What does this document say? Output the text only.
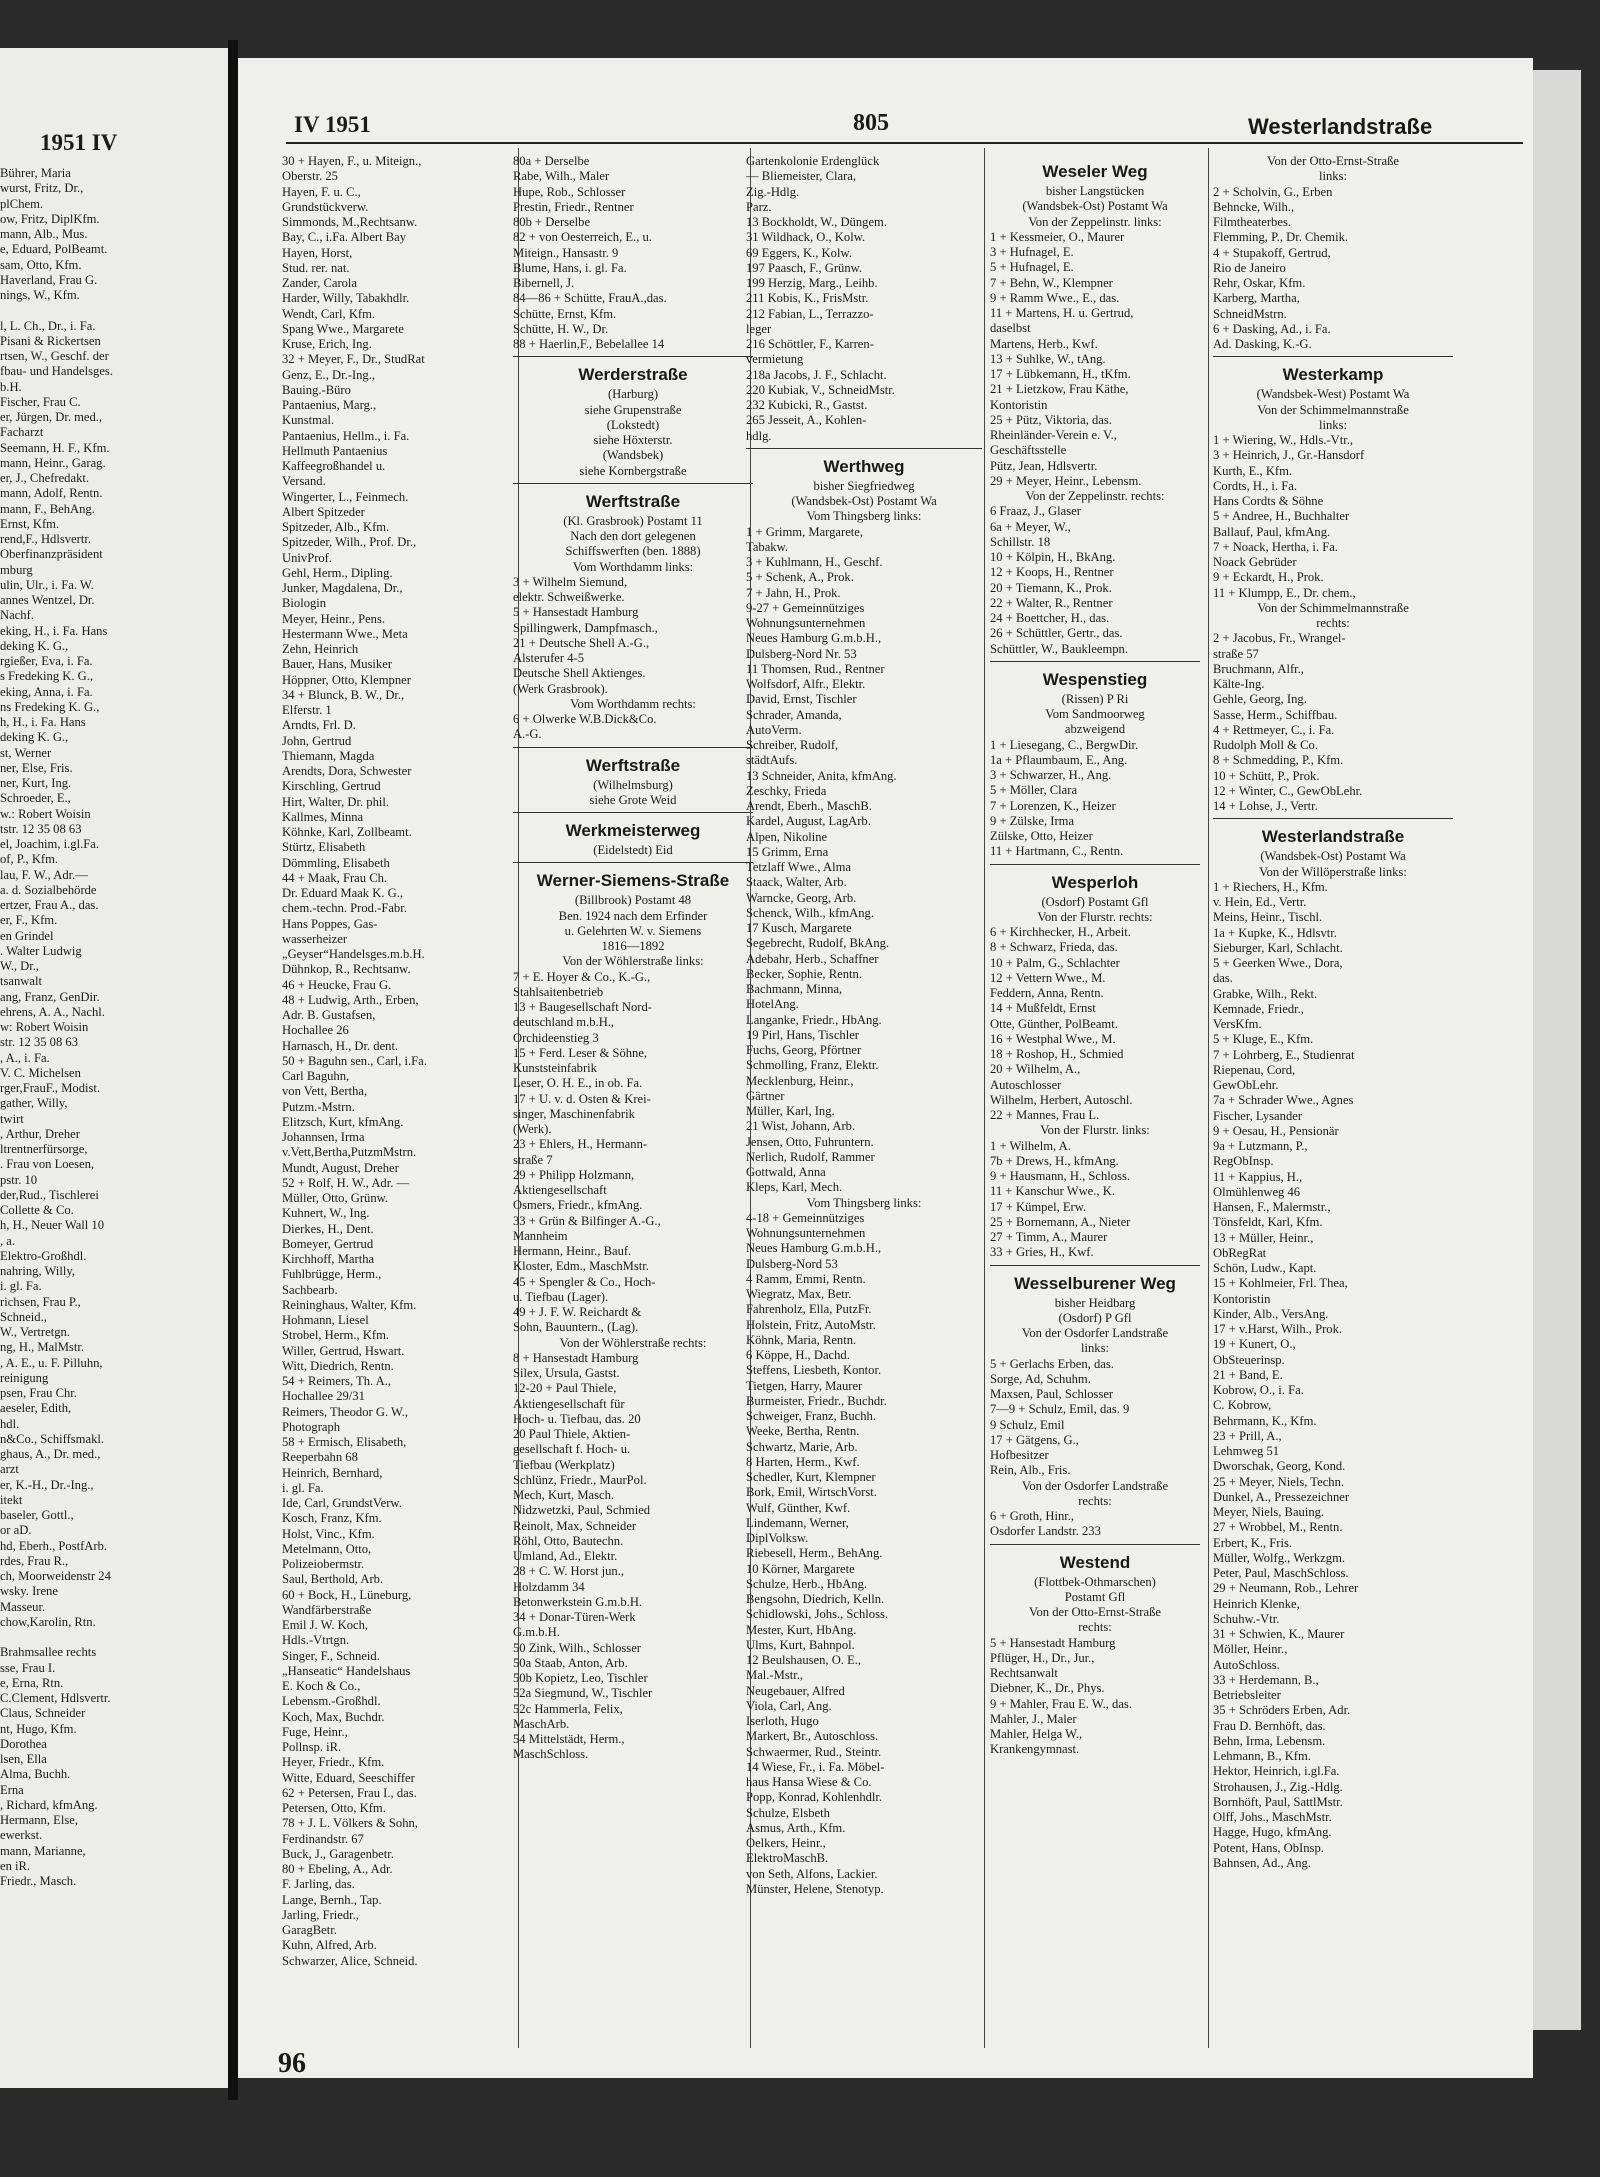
1951 IV
Bührer, Maria
wurst, Fritz, Dr.,
plChem.
ow, Fritz, DiplKfm.
mann, Alb., Mus.
e, Eduard, PolBeamt.
sam, Otto, Kfm.
Haverland, Frau G.
nings, W., Kfm.

l, L. Ch., Dr., i. Fa.
Pisani & Rickertsen
rtsen, W., Geschf. der
fbau- und Handelsges.
b.H.
Fischer, Frau C.
er, Jürgen, Dr. med.,
Facharzt
Seemann, H. F., Kfm.
mann, Heinr., Garag.
er, J., Chefredakt.
mann, Adolf, Rentn.
mann, F., BehAng.
Ernst, Kfm.
rend,F., Hdlsvertr.
Oberfinanzpräsident
mburg
ulin, Ulr., i. Fa. W.
annes Wentzel, Dr.
Nachf.
eking, H., i. Fa. Hans
deking K. G.,
rgießer, Eva, i. Fa.
s Fredeking K. G.,
eking, Anna, i. Fa.
ns Fredeking K. G.,
h, H., i. Fa. Hans
deking K. G.,
st, Werner
ner, Else, Fris.
ner, Kurt, Ing.
Schroeder, E.,
w.: Robert Woisin
tstr. 12 35 08 63
el, Joachim, i.gl.Fa.
of, P., Kfm.
lau, F. W., Adr.—
a. d. Sozialbehörde
ertzer, Frau A., das.
er, F., Kfm.
en Grindel
. Walter Ludwig
W., Dr.,
tsanwalt
ang, Franz, GenDir.
ehrens, A. A., Nachl.
w: Robert Woisin
str. 12 35 08 63
, A., i. Fa.
V. C. Michelsen
rger,FrauF., Modist.
gather, Willy,
twirt
, Arthur, Dreher
ltrentnerfürsorge,
. Frau von Loesen,
pstr. 10
der,Rud., Tischlerei
Collette & Co.
h, H., Neuer Wall 10
, a.
Elektro-Großhdl.
nahring, Willy,
i. gl. Fa.
richsen, Frau P.,
Schneid.,
W., Vertretgn.
ng, H., MalMstr.
, A. E., u. F. Pilluhn,
reinigung
psen, Frau Chr.
aeseler, Edith,
hdl.
n&Co., Schiffsmakl.
ghaus, A., Dr. med.,
arzt
er, K.-H., Dr.-Ing.,
itekt
baseler, Gottl.,
or aD.
hd, Eberh., PostfArb.
rdes, Frau R.,
ch, Moorweidenstr 24
wsky. Irene
Masseur.
chow,Karolin, Rtn.

Brahmsallee rechts
sse, Frau I.
e, Erna, Rtn.
C.Clement, Hdlsvertr.
Claus, Schneider
nt, Hugo, Kfm.
Dorothea
lsen, Ella
Alma, Buchh.
Erna
, Richard, kfmAng.
Hermann, Else,
ewerkst.
mann, Marianne,
en iR.
Friedr., Masch.
IV 1951	805	Westerlandstraße
30 + Hayen, F., u. Miteign.,
Oberstr. 25
Hayen, F. u. C.,
Grundstückverw.
Simmonds, M.,Rechtsanw.
Bay, C., i.Fa. Albert Bay
Hayen, Horst,
Stud. rer. nat.
Zander, Carola
Harder, Willy, Tabakhdlr.
Wendt, Carl, Kfm.
Spang Wwe., Margarete
Kruse, Erich, Ing.
32 + Meyer, F., Dr., StudRat
Genz, E., Dr.-Ing.,
Bauing.-Büro
Pantaenius, Marg.,
Kunstmal.
Pantaenius, Hellm., i. Fa.
Hellmuth Pantaenius
Kaffeegroßhandel u.
Versand.
Wingerter, L., Feinmech.
Albert Spitzeder
Spitzeder, Alb., Kfm.
Spitzeder, Wilh., Prof. Dr.,
UnivProf.
Gehl, Herm., Dipling.
Junker, Magdalena, Dr.,
Biologin
Meyer, Heinr., Pens.
Hestermann Wwe., Meta
Zehn, Heinrich
Bauer, Hans, Musiker
Höppner, Otto, Klempner
34 + Blunck, B. W., Dr.,
Elferstr. 1
Arndts, Frl. D.
John, Gertrud
Thiemann, Magda
Arendts, Dora, Schwester
Kirschling, Gertrud
Hirt, Walter, Dr. phil.
Kallmes, Minna
Köhnke, Karl, Zollbeamt.
Stürtz, Elisabeth
Dömmling, Elisabeth
44 + Maak, Frau Ch.
Dr. Eduard Maak K. G.,
chem.-techn. Prod.-Fabr.
Hans Poppes, Gas-
wasserheizer
„Geyser“Handelsges.m.b.H.
Dühnkop, R., Rechtsanw.
46 + Heucke, Frau G.
48 + Ludwig, Arth., Erben,
Adr. B. Gustafsen,
Hochallee 26
Harnasch, H., Dr. dent.
50 + Baguhn sen., Carl, i.Fa.
Carl Baguhn,
von Vett, Bertha,
Putzm.-Mstrn.
Elitzsch, Kurt, kfmAng.
Johannsen, Irma
v.Vett,Bertha,PutzmMstrn.
Mundt, August, Dreher
52 + Rolf, H. W., Adr. —
Müller, Otto, Grünw.
Kuhnert, W., Ing.
Dierkes, H., Dent.
Bomeyer, Gertrud
Kirchhoff, Martha
Fuhlbrügge, Herm.,
Sachbearb.
Reininghaus, Walter, Kfm.
Hohmann, Liesel
Strobel, Herm., Kfm.
Willer, Gertrud, Hswart.
Witt, Diedrich, Rentn.
54 + Reimers, Th. A.,
Hochallee 29/31
Reimers, Theodor G. W.,
Photograph
58 + Ermisch, Elisabeth,
Reeperbahn 68
Heinrich, Bernhard,
i. gl. Fa.
Ide, Carl, GrundstVerw.
Kosch, Franz, Kfm.
Holst, Vinc., Kfm.
Metelmann, Otto,
Polizeiobermstr.
Saul, Berthold, Arb.
60 + Bock, H., Lüneburg,
Wandfärberstraße
Emil J. W. Koch,
Hdls.-Vtrtgn.
Singer, F., Schneid.
„Hanseatic“ Handelshaus
E. Koch & Co.,
Lebensm.-Großhdl.
Koch, Max, Buchdr.
Fuge, Heinr.,
Pollnsp. iR.
Heyer, Friedr., Kfm.
Witte, Eduard, Seeschiffer
62 + Petersen, Frau I., das.
Petersen, Otto, Kfm.
78 + J. L. Völkers & Sohn,
Ferdinandstr. 67
Buck, J., Garagenbetr.
80 + Ebeling, A., Adr.
F. Jarling, das.
Lange, Bernh., Tap.
Jarling, Friedr.,
GaragBetr.
Kuhn, Alfred, Arb.
Schwarzer, Alice, Schneid.
80a + Derselbe
Rabe, Wilh., Maler
Hupe, Rob., Schlosser
Prestin, Friedr., Rentner
80b + Derselbe
82 + von Oesterreich, E., u.
Miteign., Hansastr. 9
Blume, Hans, i. gl. Fa.
Bibernell, J.
84—86 + Schütte, FrauA.,das.
Schütte, Ernst, Kfm.
Schütte, H. W., Dr.
88 + Haerlin,F., Bebelallee 14
Werderstraße
(Harburg)
siehe Grupenstraße
(Lokstedt)
siehe Höxterstr.
(Wandsbek)
siehe Kornbergstraße
Werftstraße
(Kl. Grasbrook) Postamt 11
Nach den dort gelegenen
Schiffswerften (ben. 1888)
Vom Worthdamm links:
3 + Wilhelm Siemund,
elektr. Schweißwerke.
5 + Hansestadt Hamburg
Spillingwerk, Dampfmasch.,
21 + Deutsche Shell A.-G.,
Alsterufer 4-5
Deutsche Shell Aktienges.
(Werk Grasbrook).
Vom Worthdamm rechts:
6 + Olwerke W.B.Dick&Co.
A.-G.
Werftstraße
(Wilhelmsburg)
siehe Grote Weid
Werkmeisterweg
(Eidelstedt) Eid
Werner-Siemens-Straße
(Billbrook) Postamt 48
Ben. 1924 nach dem Erfinder
u. Gelehrten W. v. Siemens
1816—1892
Von der Wöhlerstraße links:
7 + E. Hoyer & Co., K.-G.,
Stahlsaitenbetrieb
13 + Baugesellschaft Nord-
deutschland m.b.H.,
Orchideenstieg 3
15 + Ferd. Leser & Söhne,
Kunststeinfabrik
Leser, O. H. E., in ob. Fa.
17 + U. v. d. Osten & Krei-
singer, Maschinenfabrik
(Werk).
23 + Ehlers, H., Hermann-
straße 7
29 + Philipp Holzmann,
Aktiengesellschaft
Osmers, Friedr., kfmAng.
33 + Grün & Bilfinger A.-G.,
Mannheim
Hermann, Heinr., Bauf.
Kloster, Edm., MaschMstr.
45 + Spengler & Co., Hoch-
u. Tiefbau (Lager).
49 + J. F. W. Reichardt &
Sohn, Bauuntern., (Lag).
Von der Wöhlerstraße rechts:
8 + Hansestadt Hamburg
Silex, Ursula, Gastst.
12-20 + Paul Thiele,
Aktiengesellschaft für
Hoch- u. Tiefbau, das. 20
20 Paul Thiele, Aktien-
gesellschaft f. Hoch- u.
Tiefbau (Werkplatz)
Schlünz, Friedr., MaurPol.
Mech, Kurt, Masch.
Nidzwetzki, Paul, Schmied
Reinolt, Max, Schneider
Röhl, Otto, Bautechn.
Umland, Ad., Elektr.
28 + C. W. Horst jun.,
Holzdamm 34
Betonwerkstein G.m.b.H.
34 + Donar-Türen-Werk
G.m.b.H.
50 Zink, Wilh., Schlosser
50a Staab, Anton, Arb.
50b Kopietz, Leo, Tischler
52a Siegmund, W., Tischler
52c Hammerla, Felix,
MaschArb.
54 Mittelstädt, Herm.,
MaschSchloss.
Gartenkolonie Erdenglück
— Bliemeister, Clara,
Zig.-Hdlg.
Parz.
13 Bockholdt, W., Düngem.
31 Wildhack, O., Kolw.
69 Eggers, K., Kolw.
197 Paasch, F., Grünw.
199 Herzig, Marg., Leihb.
211 Kobis, K., FrisMstr.
212 Fabian, L., Terrazzo-
leger
216 Schöttler, F., Karren-
vermietung
218a Jacobs, J. F., Schlacht.
220 Kubiak, V., SchneidMstr.
232 Kubicki, R., Gastst.
265 Jesseit, A., Kohlen-
hdlg.
Werthweg
bisher Siegfriedweg
(Wandsbek-Ost) Postamt Wa
Vom Thingsberg links:
1 + Grimm, Margarete,
Tabakw.
3 + Kuhlmann, H., Geschf.
5 + Schenk, A., Prok.
7 + Jahn, H., Prok.
9-27 + Gemeinnütziges
Wohnungsunternehmen
Neues Hamburg G.m.b.H.,
Dulsberg-Nord Nr. 53
11 Thomsen, Rud., Rentner
Wolfsdorf, Alfr., Elektr.
David, Ernst, Tischler
Schrader, Amanda,
AutoVerm.
Schreiber, Rudolf,
städtAufs.
13 Schneider, Anita, kfmAng.
Zeschky, Frieda
Arendt, Eberh., MaschB.
Kardel, August, LagArb.
Alpen, Nikoline
15 Grimm, Erna
Tetzlaff Wwe., Alma
Staack, Walter, Arb.
Warncke, Georg, Arb.
Schenck, Wilh., kfmAng.
17 Kusch, Margarete
Segebrecht, Rudolf, BkAng.
Adebahr, Herb., Schaffner
Becker, Sophie, Rentn.
Bachmann, Minna,
HotelAng.
Langanke, Friedr., HbAng.
19 Pirl, Hans, Tischler
Fuchs, Georg, Pförtner
Schmolling, Franz, Elektr.
Mecklenburg, Heinr.,
Gärtner
Müller, Karl, Ing.
21 Wist, Johann, Arb.
Jensen, Otto, Fuhruntern.
Nerlich, Rudolf, Rammer
Gottwald, Anna
Kleps, Karl, Mech.
Vom Thingsberg links:
4-18 + Gemeinnütziges
Wohnungsunternehmen
Neues Hamburg G.m.b.H.,
Dulsberg-Nord 53
4 Ramm, Emmi, Rentn.
Wiegratz, Max, Betr.
Fahrenholz, Ella, PutzFr.
Holstein, Fritz, AutoMstr.
Köhnk, Maria, Rentn.
6 Köppe, H., Dachd.
Steffens, Liesbeth, Kontor.
Tietgen, Harry, Maurer
Burmeister, Friedr., Buchdr.
Schweiger, Franz, Buchh.
Weeke, Bertha, Rentn.
Schwartz, Marie, Arb.
8 Harten, Herm., Kwf.
Schedler, Kurt, Klempner
Bork, Emil, WirtschVorst.
Wulf, Günther, Kwf.
Lindemann, Werner,
DiplVolksw.
Riebesell, Herm., BehAng.
10 Körner, Margarete
Schulze, Herb., HbAng.
Bengsohn, Diedrich, Kelln.
Schidlowski, Johs., Schloss.
Mester, Kurt, HbAng.
Ulms, Kurt, Bahnpol.
12 Beulshausen, O. E.,
Mal.-Mstr.,
Neugebauer, Alfred
Viola, Carl, Ang.
Iserloth, Hugo
Markert, Br., Autoschloss.
Schwaermer, Rud., Steintr.
14 Wiese, Fr., i. Fa. Möbel-
haus Hansa Wiese & Co.
Popp, Konrad, Kohlenhdlr.
Schulze, Elsbeth
Asmus, Arth., Kfm.
Oelkers, Heinr.,
ElektroMaschB.
von Seth, Alfons, Lackier.
Münster, Helene, Stenotyp.
Weseler Weg
bisher Langstücken
(Wandsbek-Ost) Postamt Wa
Von der Zeppelinstr. links:
1 + Kessmeier, O., Maurer
3 + Hufnagel, E.
5 + Hufnagel, E.
7 + Behn, W., Klempner
9 + Ramm Wwe., E., das.
11 + Martens, H. u. Gertrud,
daselbst
Martens, Herb., Kwf.
13 + Suhlke, W., tAng.
17 + Lübkemann, H., tKfm.
21 + Lietzkow, Frau Käthe,
Kontoristin
25 + Pütz, Viktoria, das.
Rheinländer-Verein e. V.,
Geschäftsstelle
Pütz, Jean, Hdlsvertr.
29 + Meyer, Heinr., Lebensm.
Von der Zeppelinstr. rechts:
6 Fraaz, J., Glaser
6a + Meyer, W.,
Schillstr. 18
10 + Kölpin, H., BkAng.
12 + Koops, H., Rentner
20 + Tiemann, K., Prok.
22 + Walter, R., Rentner
24 + Boettcher, H., das.
26 + Schüttler, Gertr., das.
Schüttler, W., Baukleempn.
Wespenstieg
(Rissen) P Ri
Vom Sandmoorweg
abzweigend
1 + Liesegang, C., BergwDir.
1a + Pflaumbaum, E., Ang.
3 + Schwarzer, H., Ang.
5 + Möller, Clara
7 + Lorenzen, K., Heizer
9 + Zülske, Irma
Zülske, Otto, Heizer
11 + Hartmann, C., Rentn.
Wesperloh
(Osdorf) Postamt Gfl
Von der Flurstr. rechts:
6 + Kirchhecker, H., Arbeit.
8 + Schwarz, Frieda, das.
10 + Palm, G., Schlachter
12 + Vettern Wwe., M.
Feddern, Anna, Rentn.
14 + Mußfeldt, Ernst
Otte, Günther, PolBeamt.
16 + Westphal Wwe., M.
18 + Roshop, H., Schmied
20 + Wilhelm, A.,
Autoschlosser
Wilhelm, Herbert, Autoschl.
22 + Mannes, Frau L.
Von der Flurstr. links:
1 + Wilhelm, A.
7b + Drews, H., kfmAng.
9 + Hausmann, H., Schloss.
11 + Kanschur Wwe., K.
17 + Kümpel, Erw.
25 + Bornemann, A., Nieter
27 + Timm, A., Maurer
33 + Gries, H., Kwf.
Wesselburener Weg
bisher Heidbarg
(Osdorf) P Gfl
Von der Osdorfer Landstraße
links:
5 + Gerlachs Erben, das.
Sorge, Ad, Schuhm.
Maxsen, Paul, Schlosser
7—9 + Schulz, Emil, das. 9
9 Schulz, Emil
17 + Gätgens, G.,
Hofbesitzer
Rein, Alb., Fris.
Von der Osdorfer Landstraße
rechts:
6 + Groth, Hinr.,
Osdorfer Landstr. 233
Westend
(Flottbek-Othmarschen)
Postamt Gfl
Von der Otto-Ernst-Straße
rechts:
5 + Hansestadt Hamburg
Pflüger, H., Dr., Jur.,
Rechtsanwalt
Diebner, K., Dr., Phys.
9 + Mahler, Frau E. W., das.
Mahler, J., Maler
Mahler, Helga W.,
Krankengymnast.
Von der Otto-Ernst-Straße
links:
2 + Scholvin, G., Erben
Behncke, Wilh.,
Filmtheaterbes.
Flemming, P., Dr. Chemik.
4 + Stupakoff, Gertrud,
Rio de Janeiro
Rehr, Oskar, Kfm.
Karberg, Martha,
SchneidMstrn.
6 + Dasking, Ad., i. Fa.
Ad. Dasking, K.-G.
Westerkamp
(Wandsbek-West) Postamt Wa
Von der Schimmelmannstraße
links:
1 + Wiering, W., Hdls.-Vtr.,
3 + Heinrich, J., Gr.-Hansdorf
Kurth, E., Kfm.
Cordts, H., i. Fa.
Hans Cordts & Söhne
5 + Andree, H., Buchhalter
Ballauf, Paul, kfmAng.
7 + Noack, Hertha, i. Fa.
Noack Gebrüder
9 + Eckardt, H., Prok.
11 + Klumpp, E., Dr. chem.,
Von der Schimmelmannstraße
rechts:
2 + Jacobus, Fr., Wrangel-
straße 57
Bruchmann, Alfr.,
Kälte-Ing.
Gehle, Georg, Ing.
Sasse, Herm., Schiffbau.
4 + Rettmeyer, C., i. Fa.
Rudolph Moll & Co.
8 + Schmedding, P., Kfm.
10 + Schütt, P., Prok.
12 + Winter, C., GewObLehr.
14 + Lohse, J., Vertr.
Westerlandstraße
(Wandsbek-Ost) Postamt Wa
Von der Willöperstraße links:
1 + Riechers, H., Kfm.
v. Hein, Ed., Vertr.
Meins, Heinr., Tischl.
1a + Kupke, K., Hdlsvtr.
Sieburger, Karl, Schlacht.
5 + Geerken Wwe., Dora,
das.
Grabke, Wilh., Rekt.
Kemnade, Friedr.,
VersKfm.
5 + Kluge, E., Kfm.
7 + Lohrberg, E., Studienrat
Riepenau, Cord,
GewObLehr.
7a + Schrader Wwe., Agnes
Fischer, Lysander
9 + Oesau, H., Pensionär
9a + Lutzmann, P.,
RegObInsp.
11 + Kappius, H.,
Olmühlenweg 46
Hansen, F., Malermstr.,
Tönsfeldt, Karl, Kfm.
13 + Müller, Heinr.,
ObRegRat
Schön, Ludw., Kapt.
15 + Kohlmeier, Frl. Thea,
Kontoristin
Kinder, Alb., VersAng.
17 + v.Harst, Wilh., Prok.
19 + Kunert, O.,
ObSteuerinsp.
21 + Band, E.
Kobrow, O., i. Fa.
C. Kobrow,
Behrmann, K., Kfm.
23 + Prill, A.,
Lehmweg 51
Dworschak, Georg, Kond.
25 + Meyer, Niels, Techn.
Dunkel, A., Pressezeichner
Meyer, Niels, Bauing.
27 + Wrobbel, M., Rentn.
Erbert, K., Fris.
Müller, Wolfg., Werkzgm.
Peter, Paul, MaschSchloss.
29 + Neumann, Rob., Lehrer
Heinrich Klenke,
Schuhw.-Vtr.
31 + Schwien, K., Maurer
Möller, Heinr.,
AutoSchloss.
33 + Herdemann, B.,
Betriebsleiter
35 + Schröders Erben, Adr.
Frau D. Bernhöft, das.
Behn, Irma, Lebensm.
Lehmann, B., Kfm.
Hektor, Heinrich, i.gl.Fa.
Strohausen, J., Zig.-Hdlg.
Bornhöft, Paul, SattlMstr.
Olff, Johs., MaschMstr.
Hagge, Hugo, kfmAng.
Potent, Hans, ObInsp.
Bahnsen, Ad., Ang.
96
